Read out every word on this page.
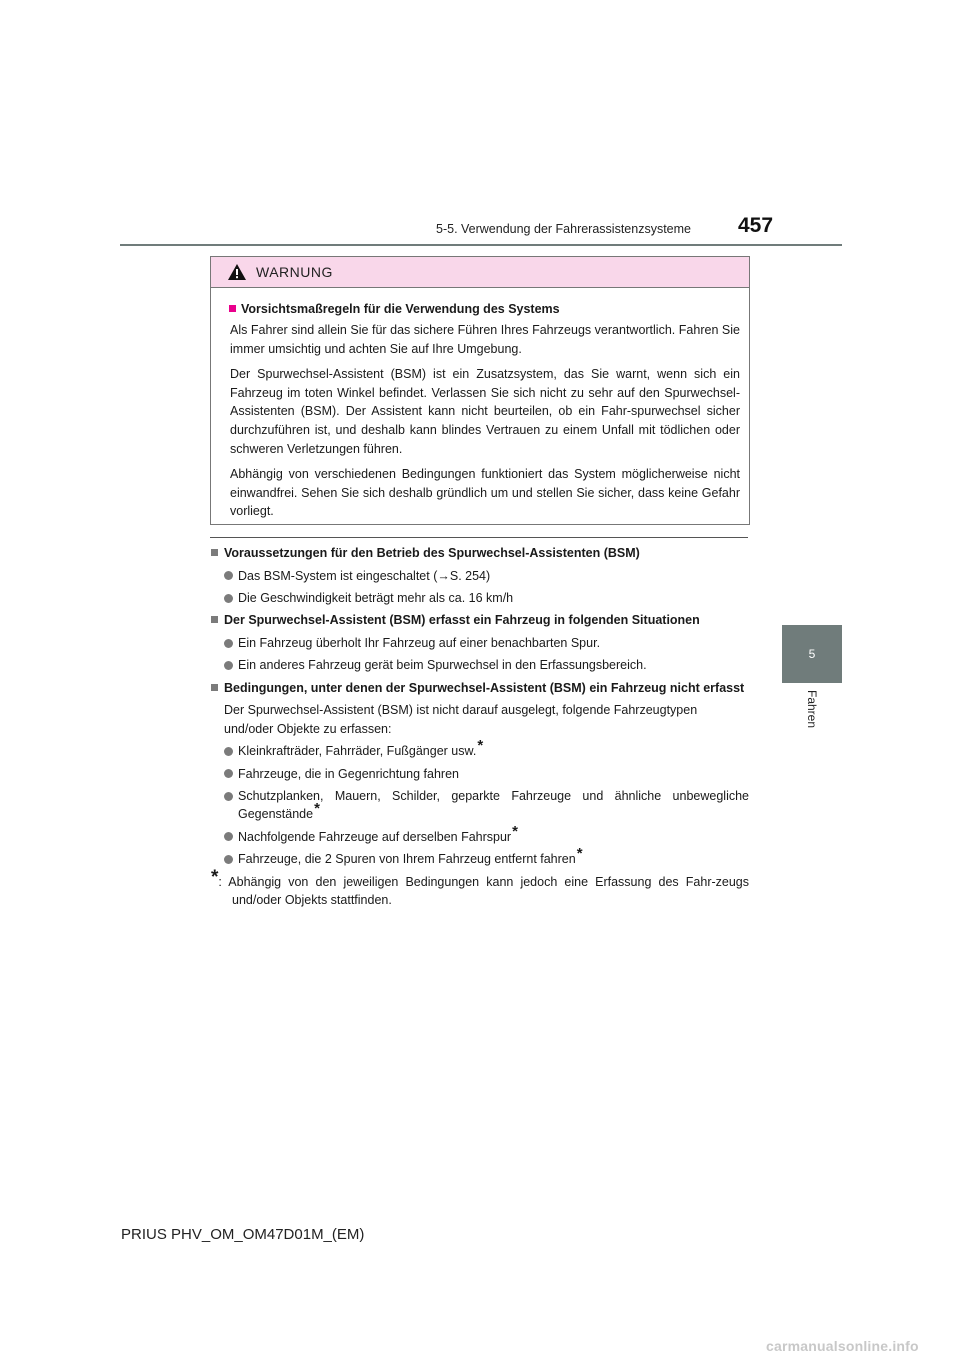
5-5. Verwendung der Fahrerassistenzsysteme 457
5
Fahren
WARNUNG

Vorsichtsmaßregeln für die Verwendung des Systems

Als Fahrer sind allein Sie für das sichere Führen Ihres Fahrzeugs verantwortlich. Fahren Sie immer umsichtig und achten Sie auf Ihre Umgebung.

Der Spurwechsel-Assistent (BSM) ist ein Zusatzsystem, das Sie warnt, wenn sich ein Fahrzeug im toten Winkel befindet. Verlassen Sie sich nicht zu sehr auf den Spurwechsel-Assistenten (BSM). Der Assistent kann nicht beurteilen, ob ein Fahr-spurwechsel sicher durchzuführen ist, und deshalb kann blindes Vertrauen zu einem Unfall mit tödlichen oder schweren Verletzungen führen.

Abhängig von verschiedenen Bedingungen funktioniert das System möglicherweise nicht einwandfrei. Sehen Sie sich deshalb gründlich um und stellen Sie sicher, dass keine Gefahr vorliegt.

Voraussetzungen für den Betrieb des Spurwechsel-Assistenten (BSM)

Das BSM-System ist eingeschaltet (→S. 254)

Die Geschwindigkeit beträgt mehr als ca. 16 km/h

Der Spurwechsel-Assistent (BSM) erfasst ein Fahrzeug in folgenden Situationen

Ein Fahrzeug überholt Ihr Fahrzeug auf einer benachbarten Spur.

Ein anderes Fahrzeug gerät beim Spurwechsel in den Erfassungsbereich.

Bedingungen, unter denen der Spurwechsel-Assistent (BSM) ein Fahrzeug nicht erfasst

Der Spurwechsel-Assistent (BSM) ist nicht darauf ausgelegt, folgende Fahrzeugtypen und/oder Objekte zu erfassen:

Kleinkrafträder, Fahrräder, Fußgänger usw.*

Fahrzeuge, die in Gegenrichtung fahren

Schutzplanken, Mauern, Schilder, geparkte Fahrzeuge und ähnliche unbewegliche Gegenstände*

Nachfolgende Fahrzeuge auf derselben Fahrspur*

Fahrzeuge, die 2 Spuren von Ihrem Fahrzeug entfernt fahren*

*: Abhängig von den jeweiligen Bedingungen kann jedoch eine Erfassung des Fahr-zeugs und/oder Objekts stattfinden.

PRIUS PHV_OM_OM47D01M_(EM)
carmanualsonline.info
